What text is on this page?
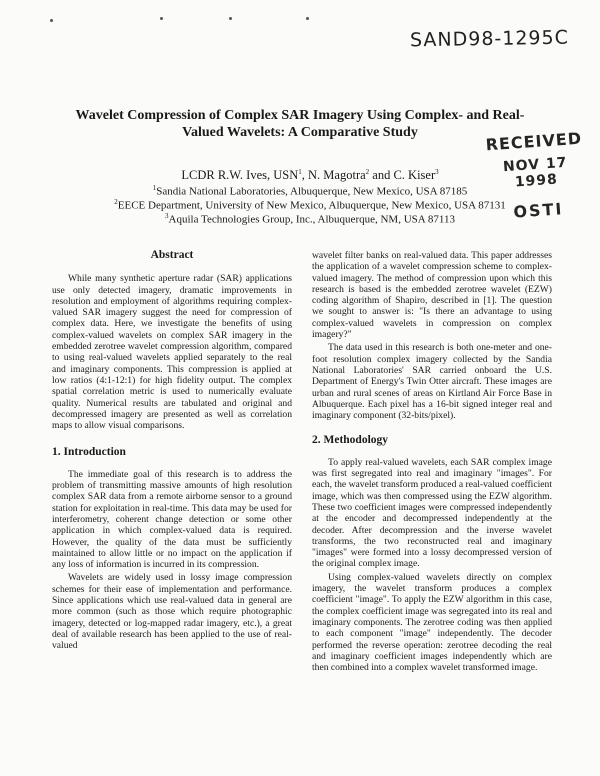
SAND98-1295C
RECEIVED
NOV 17 1998
OSTI
Wavelet Compression of Complex SAR Imagery Using Complex- and Real-
Valued Wavelets: A Comparative Study
LCDR R.W. Ives, USN$^1$, N. Magotra$^2$ and C. Kiser$^3$
$^1$Sandia National Laboratories, Albuquerque, New Mexico, USA 87185
$^2$EECE Department, University of New Mexico, Albuquerque, New Mexico, USA 87131
$^3$Aquila Technologies Group, Inc., Albuquerque, NM, USA 87113
Abstract

While many synthetic aperture radar (SAR) applications use only detected imagery, dramatic improvements in resolution and employment of algorithms requiring complex-valued SAR imagery suggest the need for compression of complex data. Here, we investigate the benefits of using complex-valued wavelets on complex SAR imagery in the embedded zerotree wavelet compression algorithm, compared to using real-valued wavelets applied separately to the real and imaginary components. This compression is applied at low ratios (4:1-12:1) for high fidelity output. The complex spatial correlation metric is used to numerically evaluate quality. Numerical results are tabulated and original and decompressed imagery are presented as well as correlation maps to allow visual comparisons.

1. Introduction

The immediate goal of this research is to address the problem of transmitting massive amounts of high resolution complex SAR data from a remote airborne sensor to a ground station for exploitation in real-time. This data may be used for interferometry, coherent change detection or some other application in which complex-valued data is required. However, the quality of the data must be sufficiently maintained to allow little or no impact on the application if any loss of information is incurred in its compression.

Wavelets are widely used in lossy image compression schemes for their ease of implementation and performance. Since applications which use real-valued data in general are more common (such as those which require photographic imagery, detected or log-mapped radar imagery, etc.), a great deal of available research has been applied to the use of real-valued

wavelet filter banks on real-valued data. This paper addresses the application of a wavelet compression scheme to complex-valued imagery. The method of compression upon which this research is based is the embedded zerotree wavelet (EZW) coding algorithm of Shapiro, described in [1]. The question we sought to answer is: "Is there an advantage to using complex-valued wavelets in compression on complex imagery?"

The data used in this research is both one-meter and one-foot resolution complex imagery collected by the Sandia National Laboratories' SAR carried onboard the U.S. Department of Energy's Twin Otter aircraft. These images are urban and rural scenes of areas on Kirtland Air Force Base in Albuquerque. Each pixel has a 16-bit signed integer real and imaginary component (32-bits/pixel).

2. Methodology

To apply real-valued wavelets, each SAR complex image was first segregated into real and imaginary "images". For each, the wavelet transform produced a real-valued coefficient image, which was then compressed using the EZW algorithm. These two coefficient images were compressed independently at the encoder and decompressed independently at the decoder. After decompression and the inverse wavelet transforms, the two reconstructed real and imaginary "images" were formed into a lossy decompressed version of the original complex image.

Using complex-valued wavelets directly on complex imagery, the wavelet transform produces a complex coefficient "image". To apply the EZW algorithm in this case, the complex coefficient image was segregated into its real and imaginary components. The zerotree coding was then applied to each component "image" independently. The decoder performed the reverse operation: zerotree decoding the real and imaginary coefficient images independently which are then combined into a complex wavelet transformed image.
